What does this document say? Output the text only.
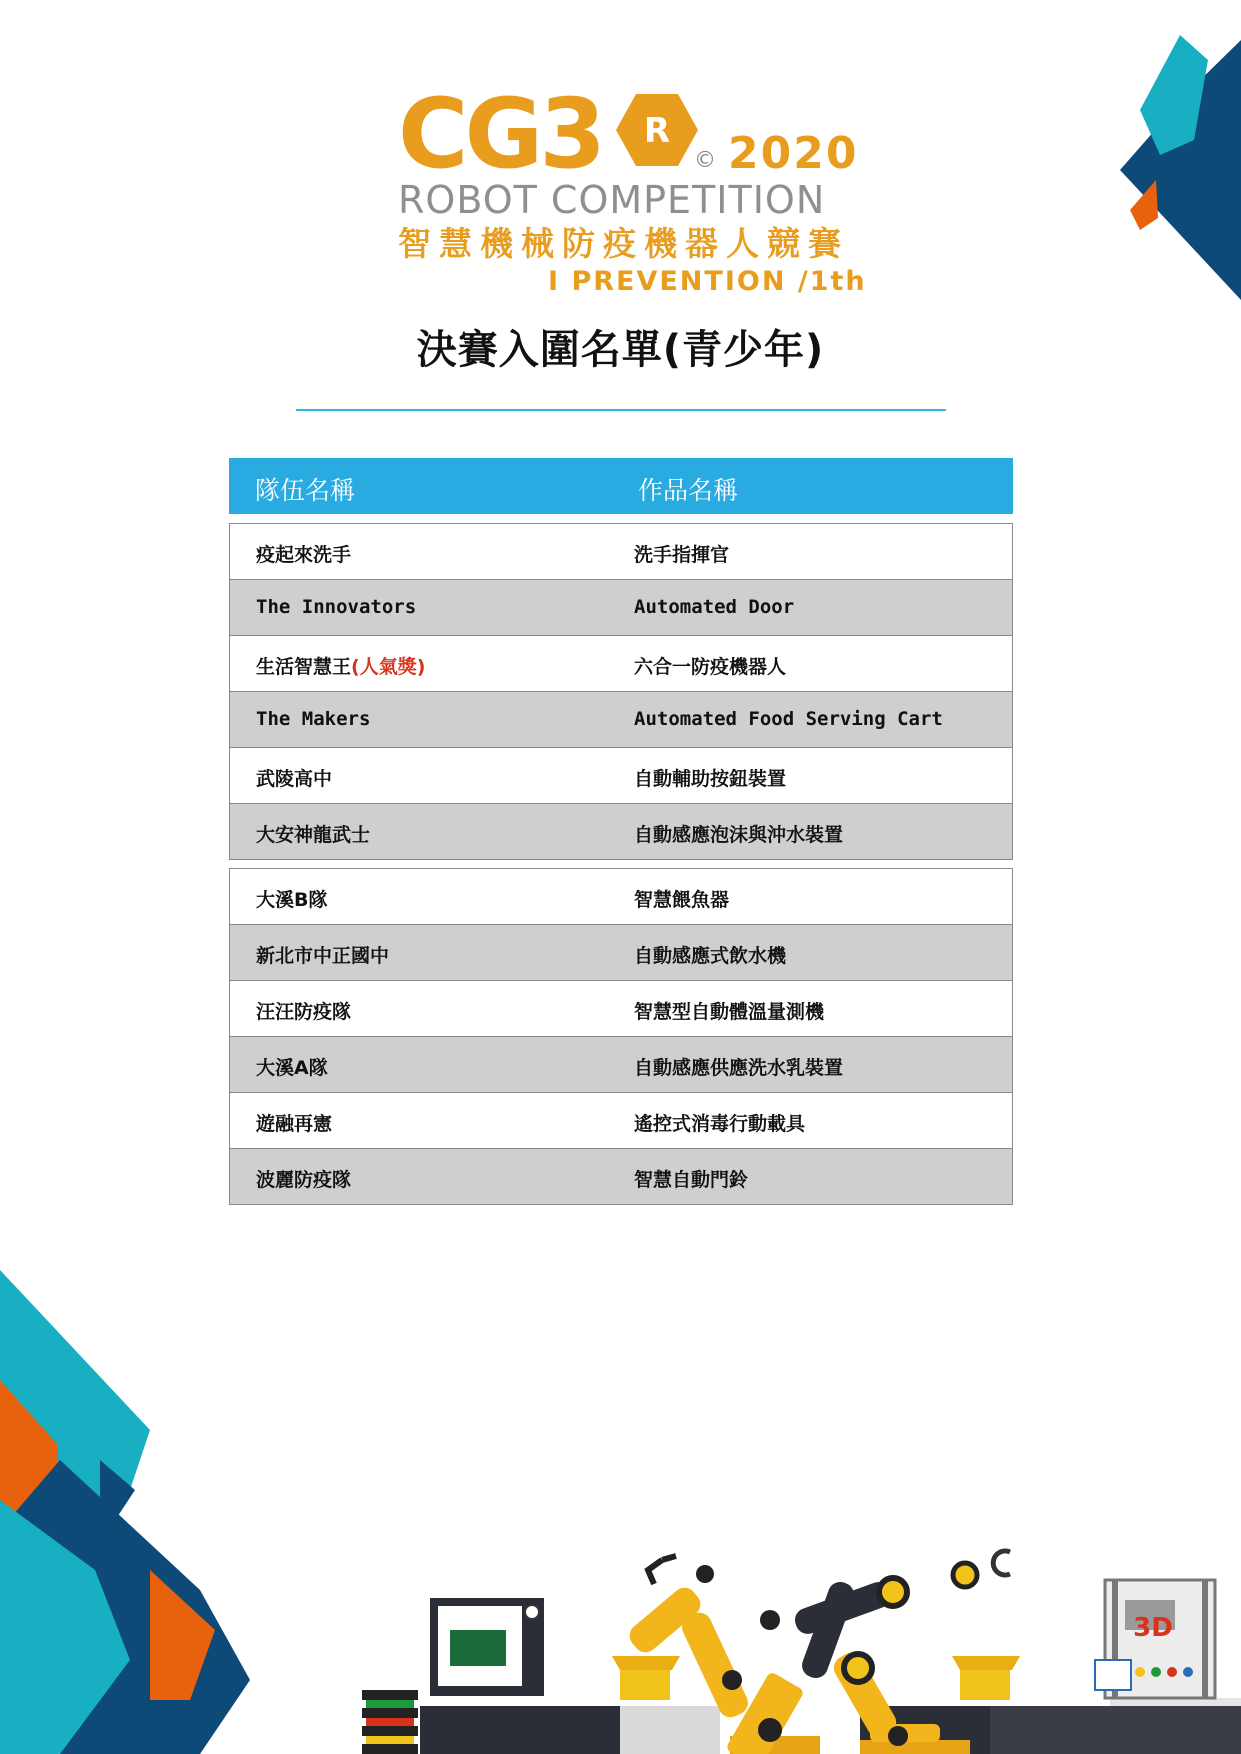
CG3 R
© 2020
ROBOT COMPETITION
智慧機械防疫機器人競賽
I PREVENTION /1th
決賽入圍名單(青少年)
隊伍名稱	作品名稱
疫起來洗手	洗手指揮官
The Innovators	Automated Door
生活智慧王(人氣獎)	六合一防疫機器人
The Makers	Automated Food Serving Cart
武陵高中	自動輔助按鈕裝置
大安神龍武士	自動感應泡沫與沖水裝置
大溪B隊	智慧餵魚器
新北市中正國中	自動感應式飲水機
汪汪防疫隊	智慧型自動體溫量測機
大溪A隊	自動感應供應洗水乳裝置
遊融再憲	遙控式消毒行動載具
波麗防疫隊	智慧自動門鈴
3D
